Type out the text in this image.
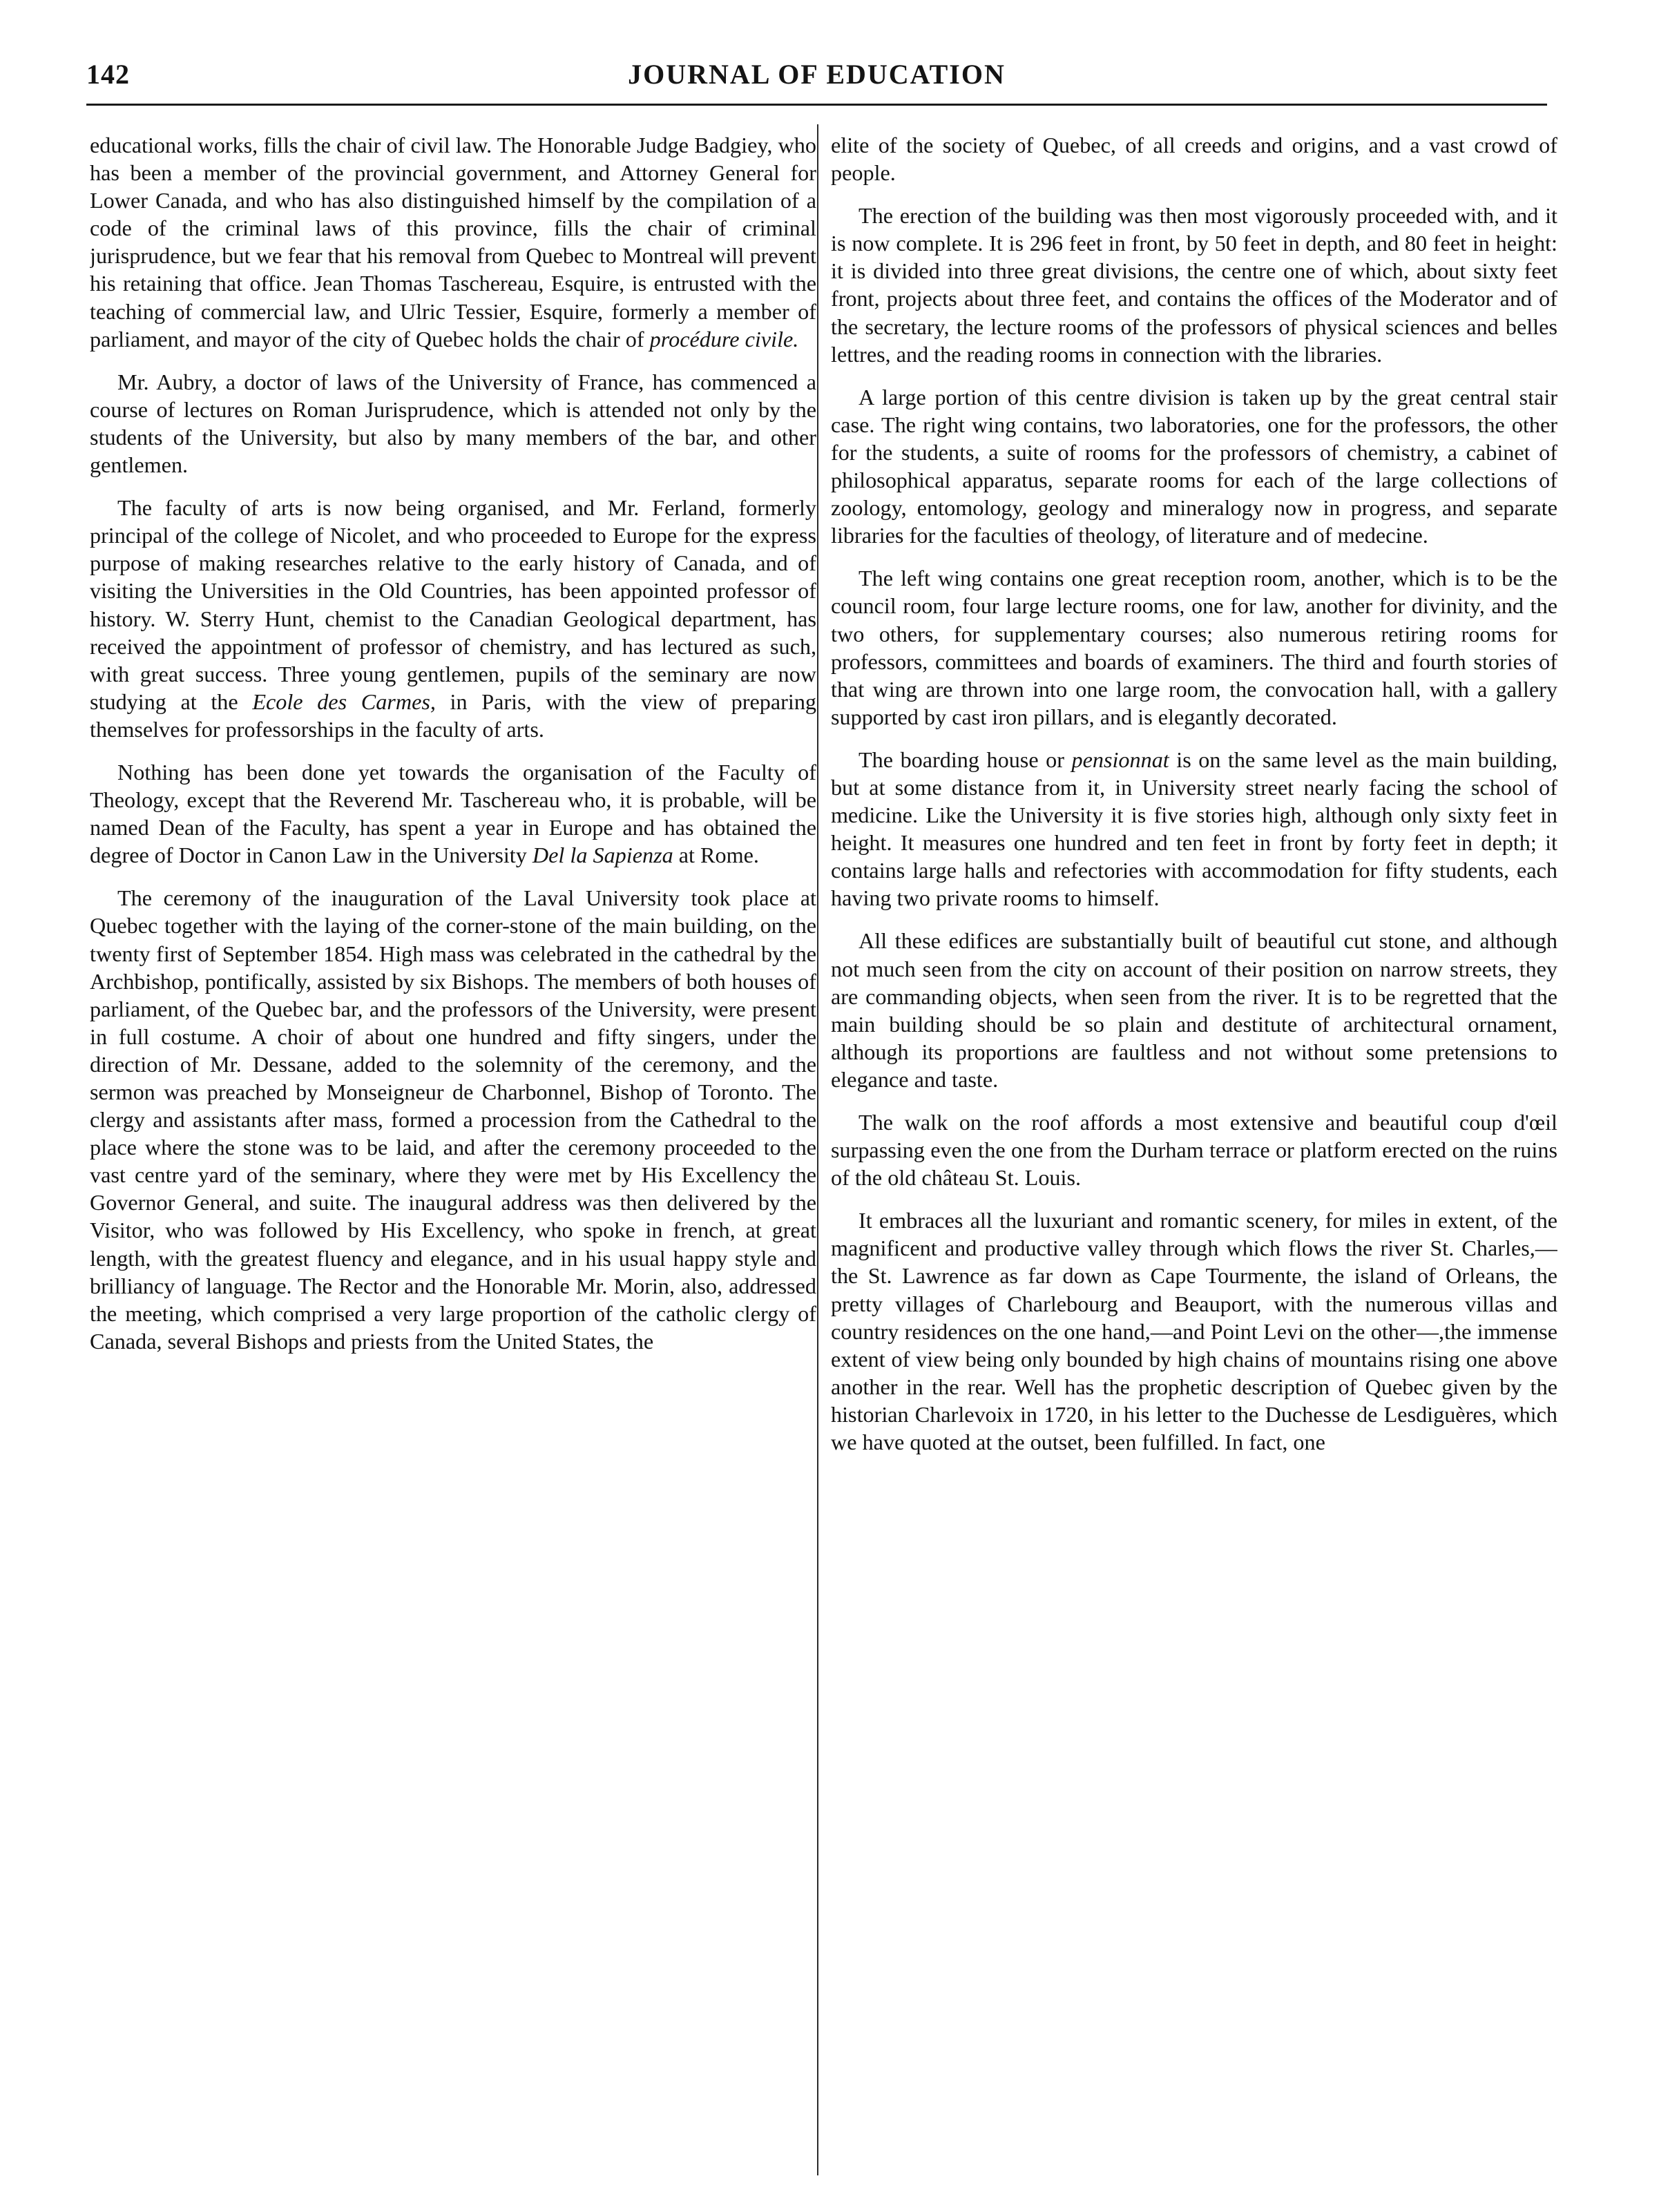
JOURNAL OF EDUCATION
142

educational works, fills the chair of civil law. The Honorable Judge Badgiey, who has been a member of the provincial government, and Attorney General for Lower Canada, and who has also distinguished himself by the compilation of a code of the criminal laws of this province, fills the chair of criminal jurisprudence, but we fear that his removal from Quebec to Montreal will prevent his retaining that office. Jean Thomas Taschereau, Esquire, is entrusted with the teaching of commercial law, and Ulric Tessier, Esquire, formerly a member of parliament, and mayor of the city of Quebec holds the chair of procédure civile.

Mr. Aubry, a doctor of laws of the University of France, has commenced a course of lectures on Roman Jurisprudence, which is attended not only by the students of the University, but also by many members of the bar, and other gentlemen.

The faculty of arts is now being organised, and Mr. Ferland, formerly principal of the college of Nicolet, and who proceeded to Europe for the express purpose of making researches relative to the early history of Canada, and of visiting the Universities in the Old Countries, has been appointed professor of history. W. Sterry Hunt, chemist to the Canadian Geological department, has received the appointment of professor of chemistry, and has lectured as such, with great success. Three young gentlemen, pupils of the seminary are now studying at the Ecole des Carmes, in Paris, with the view of preparing themselves for professorships in the faculty of arts.

Nothing has been done yet towards the organisation of the Faculty of Theology, except that the Reverend Mr. Taschereau who, it is probable, will be named Dean of the Faculty, has spent a year in Europe and has obtained the degree of Doctor in Canon Law in the University Del la Sapienza at Rome.

The ceremony of the inauguration of the Laval University took place at Quebec together with the laying of the corner-stone of the main building, on the twenty first of September 1854. High mass was celebrated in the cathedral by the Archbishop, pontifically, assisted by six Bishops. The members of both houses of parliament, of the Quebec bar, and the professors of the University, were present in full costume. A choir of about one hundred and fifty singers, under the direction of Mr. Dessane, added to the solemnity of the ceremony, and the sermon was preached by Monseigneur de Charbonnel, Bishop of Toronto. The clergy and assistants after mass, formed a procession from the Cathedral to the place where the stone was to be laid, and after the ceremony proceeded to the vast centre yard of the seminary, where they were met by His Excellency the Governor General, and suite. The inaugural address was then delivered by the Visitor, who was followed by His Excellency, who spoke in french, at great length, with the greatest fluency and elegance, and in his usual happy style and brilliancy of language. The Rector and the Honorable Mr. Morin, also, addressed the meeting, which comprised a very large proportion of the catholic clergy of Canada, several Bishops and priests from the United States, the

elite of the society of Quebec, of all creeds and origins, and a vast crowd of people.

The erection of the building was then most vigorously proceeded with, and it is now complete. It is 296 feet in front, by 50 feet in depth, and 80 feet in height: it is divided into three great divisions, the centre one of which, about sixty feet front, projects about three feet, and contains the offices of the Moderator and of the secretary, the lecture rooms of the professors of physical sciences and belles lettres, and the reading rooms in connection with the libraries.

A large portion of this centre division is taken up by the great central stair case. The right wing contains, two laboratories, one for the professors, the other for the students, a suite of rooms for the professors of chemistry, a cabinet of philosophical apparatus, separate rooms for each of the large collections of zoology, entomology, geology and mineralogy now in progress, and separate libraries for the faculties of theology, of literature and of medecine.

The left wing contains one great reception room, another, which is to be the council room, four large lecture rooms, one for law, another for divinity, and the two others, for supplementary courses; also numerous retiring rooms for professors, committees and boards of examiners. The third and fourth stories of that wing are thrown into one large room, the convocation hall, with a gallery supported by cast iron pillars, and is elegantly decorated.

The boarding house or pensionnat is on the same level as the main building, but at some distance from it, in University street nearly facing the school of medicine. Like the University it is five stories high, although only sixty feet in height. It measures one hundred and ten feet in front by forty feet in depth; it contains large halls and refectories with accommodation for fifty students, each having two private rooms to himself.

All these edifices are substantially built of beautiful cut stone, and although not much seen from the city on account of their position on narrow streets, they are commanding objects, when seen from the river. It is to be regretted that the main building should be so plain and destitute of architectural ornament, although its proportions are faultless and not without some pretensions to elegance and taste.

The walk on the roof affords a most extensive and beautiful coup d'œil surpassing even the one from the Durham terrace or platform erected on the ruins of the old château St. Louis.

It embraces all the luxuriant and romantic scenery, for miles in extent, of the magnificent and productive valley through which flows the river St. Charles,—the St. Lawrence as far down as Cape Tourmente, the island of Orleans, the pretty villages of Charlebourg and Beauport, with the numerous villas and country residences on the one hand,—and Point Levi on the other—,the immense extent of view being only bounded by high chains of mountains rising one above another in the rear. Well has the prophetic description of Quebec given by the historian Charlevoix in 1720, in his letter to the Duchesse de Lesdiguères, which we have quoted at the outset, been fulfilled. In fact, one
